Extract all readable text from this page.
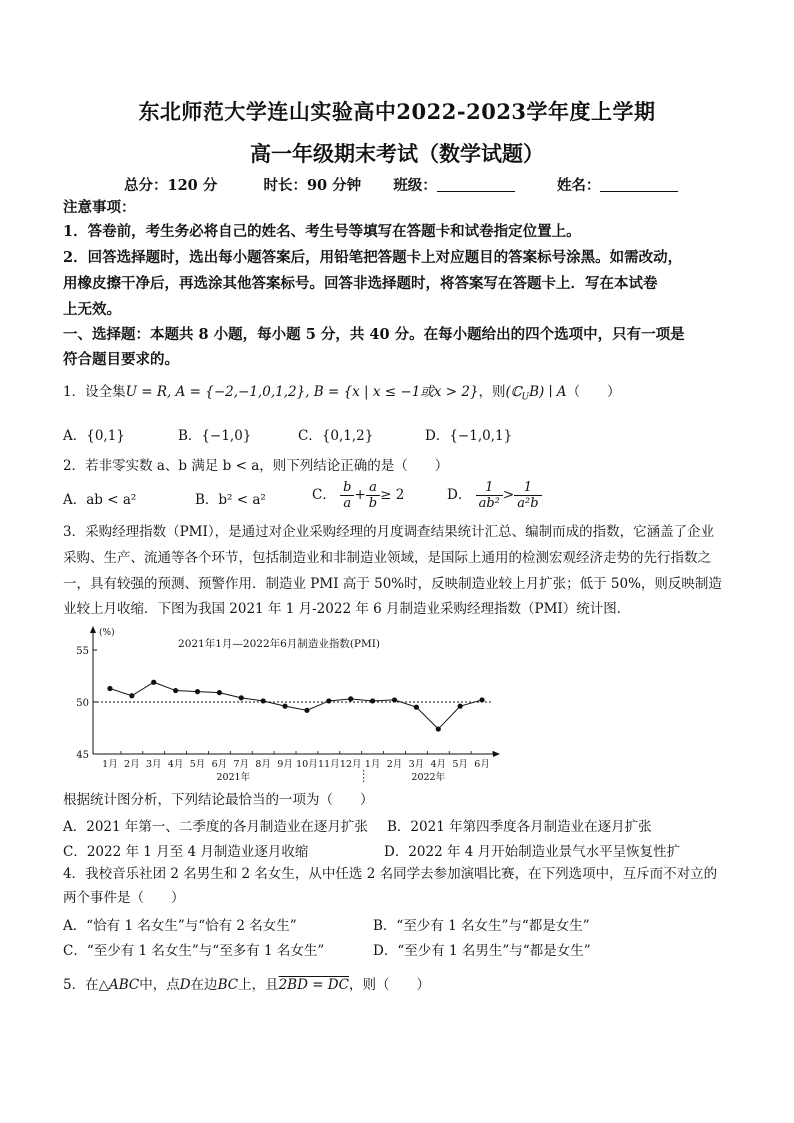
东北师范大学连山实验高中2022-2023学年度上学期
高一年级期末考试（数学试题）
总分：120 分	时长：90 分钟 班级：	姓名：
注意事项：
1．答卷前，考生务必将自己的姓名、考生号等填写在答题卡和试卷指定位置上。
2．回答选择题时，选出每小题答案后，用铅笔把答题卡上对应题目的答案标号涂黑。如需改动，
用橡皮擦干净后，再选涂其他答案标号。回答非选择题时，将答案写在答题卡上．写在本试卷
上无效。
一、选择题：本题共 8 小题，每小题 5 分，共 40 分。在每小题给出的四个选项中，只有一项是
符合题目要求的。
1．设全集U = R, A = {−2,−1,0,1,2}, B = {x | x ≤ −1或x > 2}，则(ℂ$_U$B) ∣ A（　　）
A．{0,1}	B．{−1,0}	C．{0,1,2}	D．{−1,0,1}
2．若非零实数 a、b 满足 b < a，则下列结论正确的是（　　）
A．ab < a²	B．b² < a²	C． $\frac{b}{a} + \frac{a}{b} \ge 2$	D． $\frac{1}{\text{ab²}} > \frac{1}{\text{a²b}}$
3．采购经理指数（PMI），是通过对企业采购经理的月度调查结果统计汇总、编制而成的指数，它涵盖了企业
采购、生产、流通等各个环节，包括制造业和非制造业领域，是国际上通用的检测宏观经济走势的先行指数之
一，具有较强的预测、预警作用．制造业 PMI 高于 50%时，反映制造业较上月扩张；低于 50%，则反映制造
业较上月收缩．下图为我国 2021 年 1 月-2022 年 6 月制造业采购经理指数（PMI）统计图．
(%)
45
50
55
2021年1月—2022年6月制造业指数(PMI)
1月 2月 3月 4月 5月 6月 7月 8月 9月 10月 11月 12月 1月 2月 3月 4月 5月 6月
2021年	2022年
根据统计图分析，下列结论最恰当的一项为（　　）
A．2021 年第一、二季度的各月制造业在逐月扩张 B．2021 年第四季度各月制造业在逐月扩张
C．2022 年 1 月至 4 月制造业逐月收缩	D．2022 年 4 月开始制造业景气水平呈恢复性扩
4．我校音乐社团 2 名男生和 2 名女生，从中任选 2 名同学去参加演唱比赛，在下列选项中，互斥而不对立的
两个事件是（　　）
A．“恰有 1 名女生”与“恰有 2 名女生”	B．“至少有 1 名女生”与“都是女生”
C．“至少有 1 名女生”与“至多有 1 名女生”	D．“至少有 1 名男生”与“都是女生”
5．在△ABC中，点D在边BC上，且2BD = DC，则（　　）
